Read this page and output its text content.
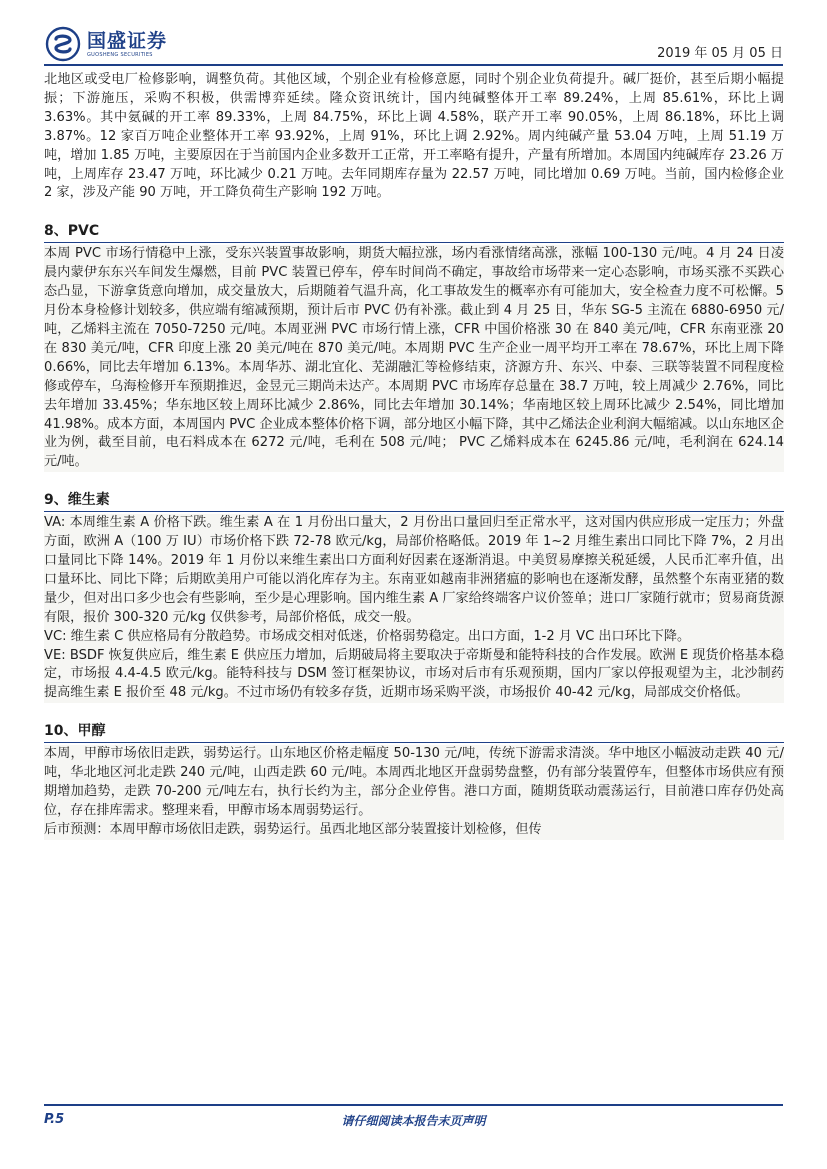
国盛证券
GUOSHENG SECURITIES	2019 年 05 月 05 日

北地区或受电厂检修影响，调整负荷。其他区域，个别企业有检修意愿，同时个别企业负荷提升。碱厂挺价，甚至后期小幅提振；下游施压，采购不积极，供需博弈延续。隆众资讯统计，国内纯碱整体开工率 89.24%，上周 85.61%，环比上调 3.63%。其中氨碱的开工率 89.33%，上周 84.75%，环比上调 4.58%，联产开工率 90.05%，上周 86.18%，环比上调 3.87%。12 家百万吨企业整体开工率 93.92%，上周 91%，环比上调 2.92%。周内纯碱产量 53.04 万吨，上周 51.19 万吨，增加 1.85 万吨，主要原因在于当前国内企业多数开工正常，开工率略有提升，产量有所增加。本周国内纯碱库存 23.26 万吨，上周库存 23.47 万吨，环比减少 0.21 万吨。去年同期库存量为 22.57 万吨，同比增加 0.69 万吨。当前，国内检修企业 2 家，涉及产能 90 万吨，开工降负荷生产影响 192 万吨。

8、PVC

本周 PVC 市场行情稳中上涨，受东兴装置事故影响，期货大幅拉涨，场内看涨情绪高涨，涨幅 100-130 元/吨。4 月 24 日凌晨内蒙伊东东兴车间发生爆燃，目前 PVC 装置已停车，停车时间尚不确定，事故给市场带来一定心态影响，市场买涨不买跌心态凸显，下游拿货意向增加，成交量放大，后期随着气温升高，化工事故发生的概率亦有可能加大，安全检查力度不可松懈。5 月份本身检修计划较多，供应端有缩减预期，预计后市 PVC 仍有补涨。截止到 4 月 25 日，华东 SG-5 主流在 6880-6950 元/吨，乙烯料主流在 7050-7250 元/吨。本周亚洲 PVC 市场行情上涨，CFR 中国价格涨 30 在 840 美元/吨，CFR 东南亚涨 20 在 830 美元/吨，CFR 印度上涨 20 美元/吨在 870 美元/吨。本周期 PVC 生产企业一周平均开工率在 78.67%，环比上周下降 0.66%，同比去年增加 6.13%。本周华苏、湖北宜化、芜湖融汇等检修结束，济源方升、东兴、中泰、三联等装置不同程度检修或停车，乌海检修开车预期推迟，金昱元三期尚未达产。本周期 PVC 市场库存总量在 38.7 万吨，较上周减少 2.76%，同比去年增加 33.45%；华东地区较上周环比减少 2.86%，同比去年增加 30.14%；华南地区较上周环比减少 2.54%，同比增加 41.98%。成本方面，本周国内 PVC 企业成本整体价格下调，部分地区小幅下降，其中乙烯法企业利润大幅缩减。以山东地区企业为例，截至目前，电石料成本在 6272 元/吨，毛利在 508 元/吨； PVC 乙烯料成本在 6245.86 元/吨，毛利润在 624.14 元/吨。

9、维生素

VA: 本周维生素 A 价格下跌。维生素 A 在 1 月份出口量大，2 月份出口量回归至正常水平，这对国内供应形成一定压力；外盘方面，欧洲 A（100 万 IU）市场价格下跌 72-78 欧元/kg，局部价格略低。2019 年 1~2 月维生素出口同比下降 7%，2 月出口量同比下降 14%。2019 年 1 月份以来维生素出口方面利好因素在逐渐消退。中美贸易摩擦关税延缓，人民币汇率升值，出口量环比、同比下降；后期欧美用户可能以消化库存为主。东南亚如越南非洲猪瘟的影响也在逐渐发酵，虽然整个东南亚猪的数量少，但对出口多少也会有些影响，至少是心理影响。国内维生素 A 厂家给终端客户议价签单；进口厂家随行就市；贸易商货源有限，报价 300-320 元/kg 仅供参考，局部价格低，成交一般。

VC: 维生素 C 供应格局有分散趋势。市场成交相对低迷，价格弱势稳定。出口方面，1-2 月 VC 出口环比下降。

VE: BSDF 恢复供应后，维生素 E 供应压力增加，后期破局将主要取决于帝斯曼和能特科技的合作发展。欧洲 E 现货价格基本稳定，市场报 4.4-4.5 欧元/kg。能特科技与 DSM 签订框架协议，市场对后市有乐观预期，国内厂家以停报观望为主，北沙制药提高维生素 E 报价至 48 元/kg。不过市场仍有较多存货，近期市场采购平淡，市场报价 40-42 元/kg，局部成交价格低。

10、甲醇

本周，甲醇市场依旧走跌，弱势运行。山东地区价格走幅度 50-130 元/吨，传统下游需求清淡。华中地区小幅波动走跌 40 元/吨，华北地区河北走跌 240 元/吨，山西走跌 60 元/吨。本周西北地区开盘弱势盘整，仍有部分装置停车，但整体市场供应有预期增加趋势，走跌 70-200 元/吨左右，执行长约为主，部分企业停售。港口方面，随期货联动震荡运行，目前港口库存仍处高位，存在排库需求。整理来看，甲醇市场本周弱势运行。

后市预测：本周甲醇市场依旧走跌，弱势运行。虽西北地区部分装置接计划检修，但传

请仔细阅读本报告末页声明
P.5
